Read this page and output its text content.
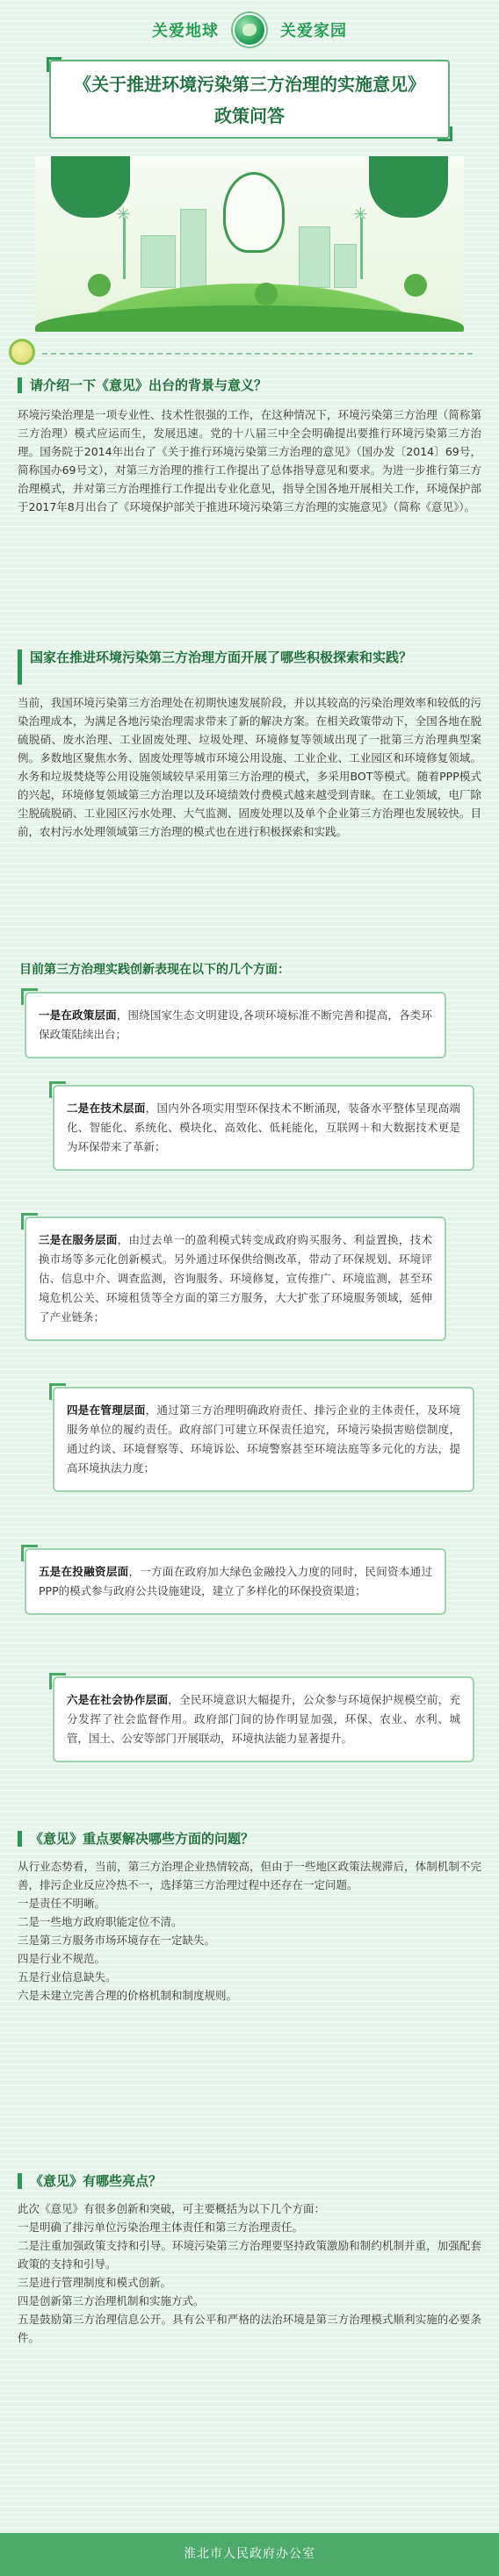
关爱地球	关爱家园
《关于推进环境污染第三方治理的实施意见》政策问答
✳
✳
请介绍一下《意见》出台的背景与意义？

环境污染治理是一项专业性、技术性很强的工作，在这种情况下，环境污染第三方治理（简称第三方治理）模式应运而生，发展迅速。党的十八届三中全会明确提出要推行环境污染第三方治理。国务院于2014年出台了《关于推行环境污染第三方治理的意见》（国办发〔2014〕69号，简称国办69号文），对第三方治理的推行工作提出了总体指导意见和要求。为进一步推行第三方治理模式，并对第三方治理推行工作提出专业化意见，指导全国各地开展相关工作，环境保护部于2017年8月出台了《环境保护部关于推进环境污染第三方治理的实施意见》（简称《意见》）。

国家在推进环境污染第三方治理方面开展了哪些积极探索和实践？

当前，我国环境污染第三方治理处在初期快速发展阶段，并以其较高的污染治理效率和较低的污染治理成本，为满足各地污染治理需求带来了新的解决方案。在相关政策带动下，全国各地在脱硫脱硝、废水治理、工业固废处理、垃圾处理、环境修复等领域出现了一批第三方治理典型案例。多数地区聚焦水务、固废处理等城市环境公用设施、工业企业、工业园区和环境修复领域。水务和垃圾焚烧等公用设施领域较早采用第三方治理的模式，多采用BOT等模式。随着PPP模式的兴起，环境修复领域第三方治理以及环境绩效付费模式越来越受到青睐。在工业领域，电厂除尘脱硫脱硝、工业园区污水处理、大气监测、固废处理以及单个企业第三方治理也发展较快。目前，农村污水处理领域第三方治理的模式也在进行积极探索和实践。

目前第三方治理实践创新表现在以下的几个方面：
一是在政策层面，围绕国家生态文明建设,各项环境标准不断完善和提高，各类环保政策陆续出台；
二是在技术层面，国内外各项实用型环保技术不断涌现，装备水平整体呈现高端化、智能化、系统化、模块化、高效化、低耗能化，互联网＋和大数据技术更是为环保带来了革新；
三是在服务层面，由过去单一的盈利模式转变成政府购买服务、利益置换，技术换市场等多元化创新模式。另外通过环保供给侧改革，带动了环保规划、环境评估、信息中介、调查监测，咨询服务、环境修复，宣传推广、环境监测，甚至环境危机公关、环境租赁等全方面的第三方服务，大大扩张了环境服务领域，延伸了产业链条；
四是在管理层面，通过第三方治理明确政府责任、排污企业的主体责任，及环境服务单位的履约责任。政府部门可建立环保责任追究，环境污染损害赔偿制度，通过约谈、环境督察等、环境诉讼、环境警察甚至环境法庭等多元化的方法，提高环境执法力度；
五是在投融资层面，一方面在政府加大绿色金融投入力度的同时，民间资本通过PPP的模式参与政府公共设施建设，建立了多样化的环保投资渠道；
六是在社会协作层面，全民环境意识大幅提升，公众参与环境保护规模空前，充分发挥了社会监督作用。政府部门间的协作明显加强，环保、农业、水利、城管，国土、公安等部门开展联动，环境执法能力显著提升。
《意见》重点要解决哪些方面的问题？

从行业态势看，当前，第三方治理企业热情较高，但由于一些地区政策法规滞后，体制机制不完善，排污企业反应冷热不一，选择第三方治理过程中还存在一定问题。

一是责任不明晰。
二是一些地方政府职能定位不清。
三是第三方服务市场环境存在一定缺失。
四是行业不规范。
五是行业信息缺失。
六是未建立完善合理的价格机制和制度规则。
《意见》有哪些亮点？

此次《意见》有很多创新和突破，可主要概括为以下几个方面：

一是明确了排污单位污染治理主体责任和第三方治理责任。
二是注重加强政策支持和引导。环境污染第三方治理要坚持政策激励和制约机制并重，加强配套政策的支持和引导。
三是进行管理制度和模式创新。
四是创新第三方治理机制和实施方式。
五是鼓励第三方治理信息公开。具有公平和严格的法治环境是第三方治理模式顺利实施的必要条件。
淮北市人民政府办公室
